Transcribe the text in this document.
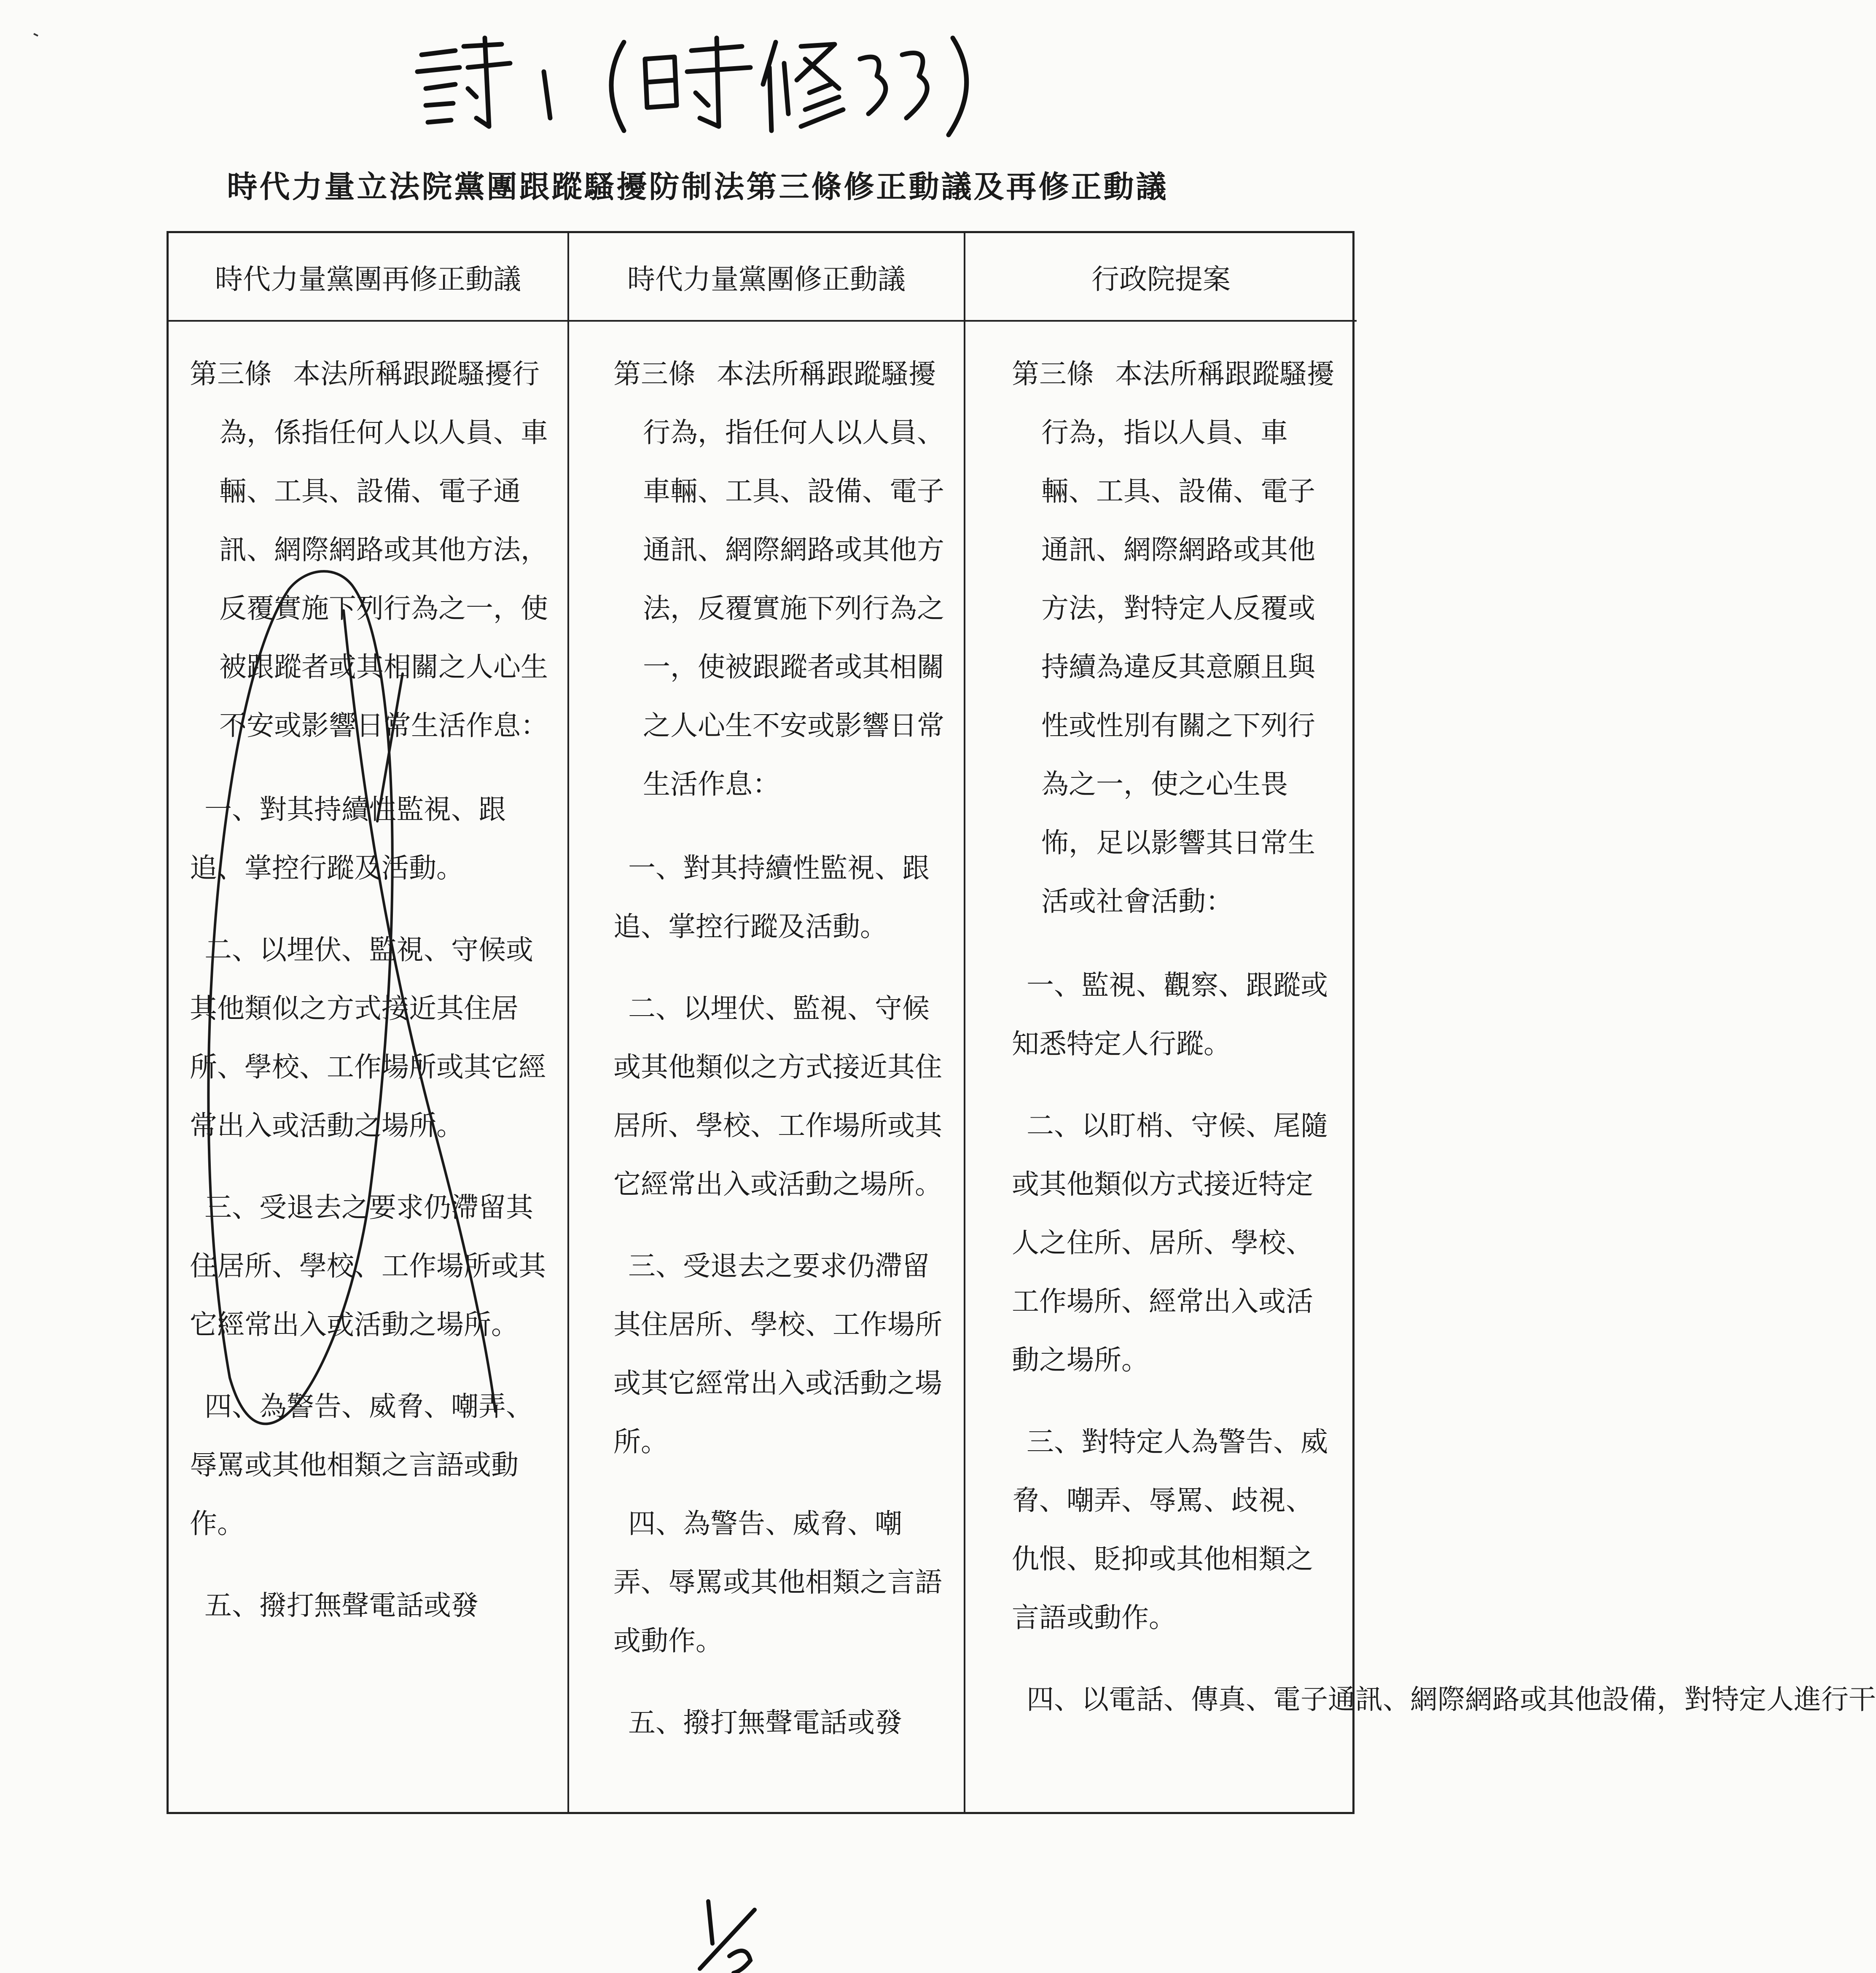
時代力量立法院黨團跟蹤騷擾防制法第三條修正動議及再修正動議
時代力量黨團再修正動議	時代力量黨團修正動議	行政院提案

第三條 本法所稱跟蹤騷擾行為，係指任何人以人員、車輛、工具、設備、電子通訊、網際網路或其他方法，反覆實施下列行為之一，使被跟蹤者或其相關之人心生不安或影響日常生活作息：

一、對其持續性監視、跟追、掌控行蹤及活動。

二、以埋伏、監視、守候或其他類似之方式接近其住居所、學校、工作場所或其它經常出入或活動之場所。

三、受退去之要求仍滯留其住居所、學校、工作場所或其它經常出入或活動之場所。

四、為警告、威脅、嘲弄、辱罵或其他相類之言語或動作。

五、撥打無聲電話或發

第三條 本法所稱跟蹤騷擾行為，指任何人以人員、車輛、工具、設備、電子通訊、網際網路或其他方法，反覆實施下列行為之一，使被跟蹤者或其相關之人心生不安或影響日常生活作息：

一、對其持續性監視、跟追、掌控行蹤及活動。

二、以埋伏、監視、守候或其他類似之方式接近其住居所、學校、工作場所或其它經常出入或活動之場所。

三、受退去之要求仍滯留其住居所、學校、工作場所或其它經常出入或活動之場所。

四、為警告、威脅、嘲弄、辱罵或其他相類之言語或動作。

五、撥打無聲電話或發

第三條 本法所稱跟蹤騷擾行為，指以人員、車輛、工具、設備、電子通訊、網際網路或其他方法，對特定人反覆或持續為違反其意願且與性或性別有關之下列行為之一，使之心生畏怖，足以影響其日常生活或社會活動：

一、監視、觀察、跟蹤或知悉特定人行蹤。

二、以盯梢、守候、尾隨或其他類似方式接近特定人之住所、居所、學校、工作場所、經常出入或活動之場所。

三、對特定人為警告、威脅、嘲弄、辱罵、歧視、仇恨、貶抑或其他相類之言語或動作。

四、以電話、傳真、電子通訊、網際網路或其他設備，對特定人進行干
